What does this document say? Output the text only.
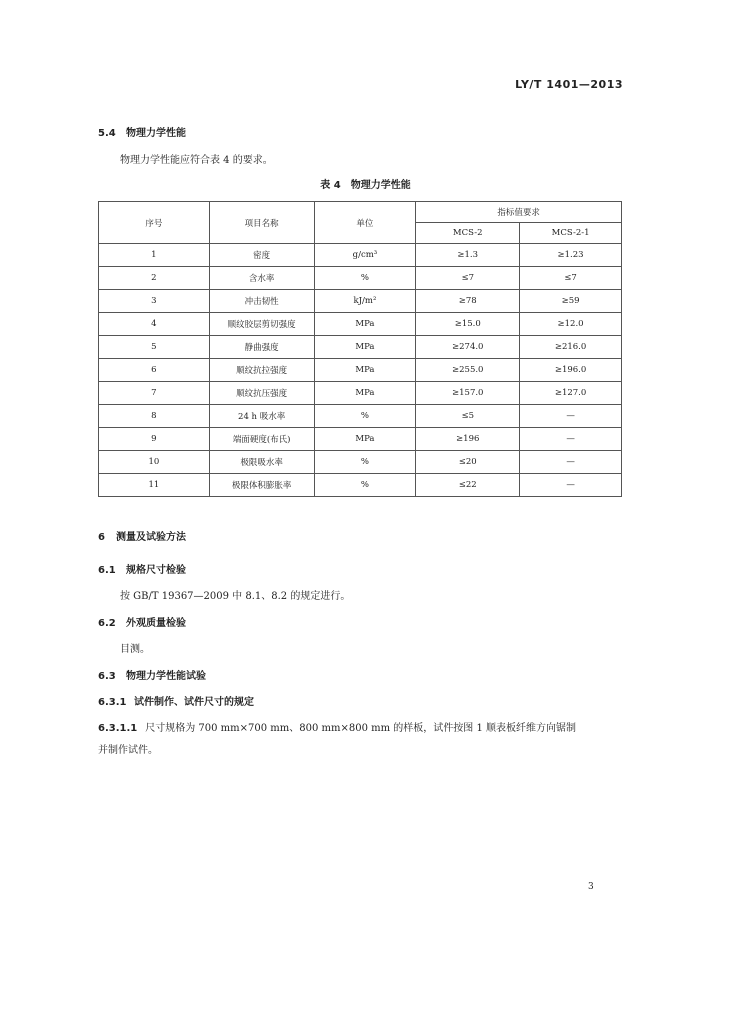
LY/T 1401—2013
5.4 物理力学性能
物理力学性能应符合表 4 的要求。
表 4　物理力学性能
序号	项目名称	单位	指标值要求	
			MCS-2	MCS-2-1
1	密度	g/cm³	≥1.3	≥1.23
2	含水率	%	≤7	≤7
3	冲击韧性	kJ/m²	≥78	≥59
4	顺纹胶层剪切强度	MPa	≥15.0	≥12.0
5	静曲强度	MPa	≥274.0	≥216.0
6	顺纹抗拉强度	MPa	≥255.0	≥196.0
7	顺纹抗压强度	MPa	≥157.0	≥127.0
8	24 h 吸水率	%	≤5	—
9	端面硬度(布氏)	MPa	≥196	—
10	极限吸水率	%	≤20	—
11	极限体积膨胀率	%	≤22	—
6 测量及试验方法
6.1 规格尺寸检验
按 GB/T 19367—2009 中 8.1、8.2 的规定进行。
6.2 外观质量检验
目测。
6.3 物理力学性能试验
6.3.1 试件制作、试件尺寸的规定
6.3.1.1 尺寸规格为 700 mm×700 mm、800 mm×800 mm 的样板，试件按图 1 顺表板纤维方向锯制
并制作试件。
3
